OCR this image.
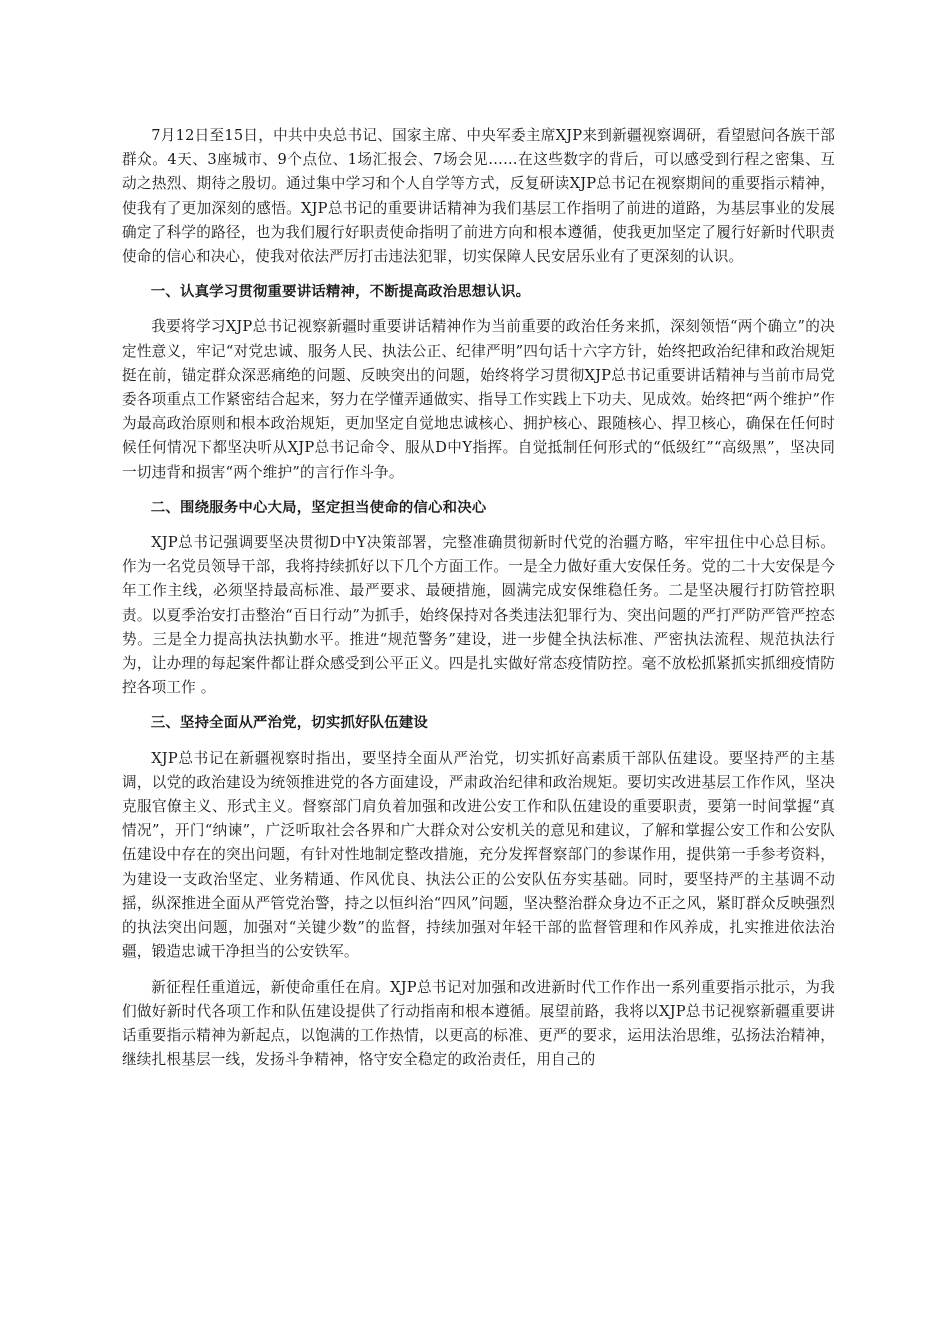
7月12日至15日，中共中央总书记、国家主席、中央军委主席XJP来到新疆视察调研，看望慰问各族干部群众。4天、3座城市、9个点位、1场汇报会、7场会见……在这些数字的背后，可以感受到行程之密集、互动之热烈、期待之殷切。通过集中学习和个人自学等方式，反复研读XJP总书记在视察期间的重要指示精神，使我有了更加深刻的感悟。XJP总书记的重要讲话精神为我们基层工作指明了前进的道路，为基层事业的发展确定了科学的路径，也为我们履行好职责使命指明了前进方向和根本遵循，使我更加坚定了履行好新时代职责使命的信心和决心，使我对依法严厉打击违法犯罪，切实保障人民安居乐业有了更深刻的认识。

一、认真学习贯彻重要讲话精神，不断提高政治思想认识。

我要将学习XJP总书记视察新疆时重要讲话精神作为当前重要的政治任务来抓，深刻领悟“两个确立”的决定性意义，牢记“对党忠诚、服务人民、执法公正、纪律严明”四句话十六字方针，始终把政治纪律和政治规矩挺在前，锚定群众深恶痛绝的问题、反映突出的问题，始终将学习贯彻XJP总书记重要讲话精神与当前市局党委各项重点工作紧密结合起来，努力在学懂弄通做实、指导工作实践上下功夫、见成效。始终把“两个维护”作为最高政治原则和根本政治规矩，更加坚定自觉地忠诚核心、拥护核心、跟随核心、捍卫核心，确保在任何时候任何情况下都坚决听从XJP总书记命令、服从D中Y指挥。自觉抵制任何形式的“低级红”“高级黑”，坚决同一切违背和损害“两个维护”的言行作斗争。

二、围绕服务中心大局，坚定担当使命的信心和决心

XJP总书记强调要坚决贯彻D中Y决策部署，完整准确贯彻新时代党的治疆方略，牢牢扭住中心总目标。作为一名党员领导干部，我将持续抓好以下几个方面工作。一是全力做好重大安保任务。党的二十大安保是今年工作主线，必须坚持最高标准、最严要求、最硬措施，圆满完成安保维稳任务。二是坚决履行打防管控职责。以夏季治安打击整治“百日行动”为抓手，始终保持对各类违法犯罪行为、突出问题的严打严防严管严控态势。三是全力提高执法执勤水平。推进“规范警务”建设，进一步健全执法标准、严密执法流程、规范执法行为，让办理的每起案件都让群众感受到公平正义。四是扎实做好常态疫情防控。毫不放松抓紧抓实抓细疫情防控各项工作 。

三、坚持全面从严治党，切实抓好队伍建设

XJP总书记在新疆视察时指出，要坚持全面从严治党，切实抓好高素质干部队伍建设。要坚持严的主基调，以党的政治建设为统领推进党的各方面建设，严肃政治纪律和政治规矩。要切实改进基层工作作风，坚决克服官僚主义、形式主义。督察部门肩负着加强和改进公安工作和队伍建设的重要职责，要第一时间掌握“真情况”，开门“纳谏”，广泛听取社会各界和广大群众对公安机关的意见和建议，了解和掌握公安工作和公安队伍建设中存在的突出问题，有针对性地制定整改措施，充分发挥督察部门的参谋作用，提供第一手参考资料，为建设一支政治坚定、业务精通、作风优良、执法公正的公安队伍夯实基础。同时，要坚持严的主基调不动摇，纵深推进全面从严管党治警，持之以恒纠治“四风”问题，坚决整治群众身边不正之风，紧盯群众反映强烈的执法突出问题，加强对“关键少数”的监督，持续加强对年轻干部的监督管理和作风养成，扎实推进依法治疆，锻造忠诚干净担当的公安铁军。

新征程任重道远，新使命重任在肩。XJP总书记对加强和改进新时代工作作出一系列重要指示批示，为我们做好新时代各项工作和队伍建设提供了行动指南和根本遵循。展望前路，我将以XJP总书记视察新疆重要讲话重要指示精神为新起点，以饱满的工作热情，以更高的标准、更严的要求，运用法治思维，弘扬法治精神，继续扎根基层一线，发扬斗争精神，恪守安全稳定的政治责任，用自己的
